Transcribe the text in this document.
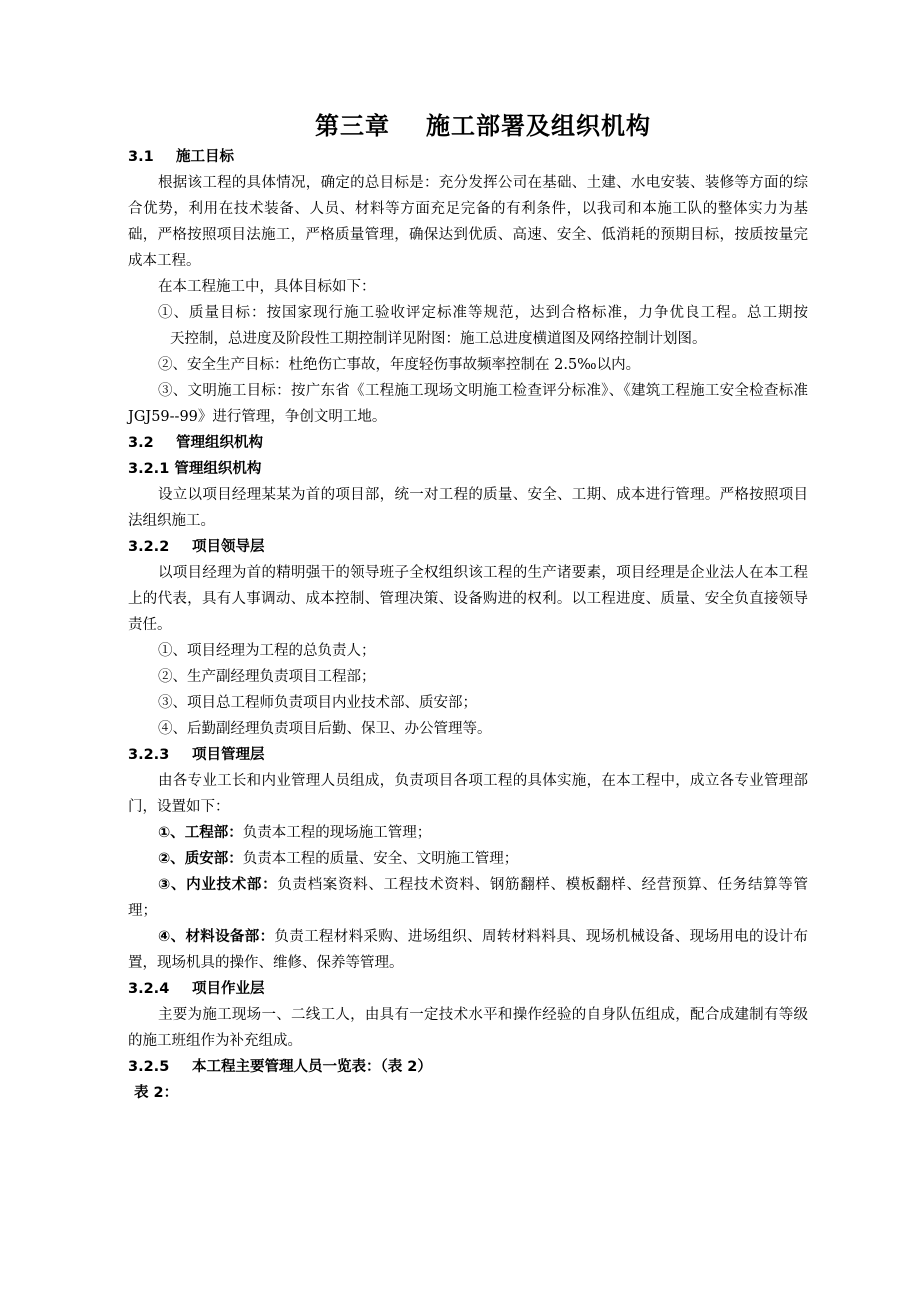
第三章 施工部署及组织机构
3.1 施工目标

根据该工程的具体情况，确定的总目标是：充分发挥公司在基础、土建、水电安装、装修等方面的综合优势，利用在技术装备、人员、材料等方面充足完备的有利条件，以我司和本施工队的整体实力为基础，严格按照项目法施工，严格质量管理，确保达到优质、高速、安全、低消耗的预期目标，按质按量完成本工程。

在本工程施工中，具体目标如下：

①、质量目标：按国家现行施工验收评定标准等规范，达到合格标准，力争优良工程。总工期按天控制，总进度及阶段性工期控制详见附图：施工总进度横道图及网络控制计划图。

②、安全生产目标：杜绝伤亡事故，年度轻伤事故频率控制在 2.5‰以内。

③、文明施工目标：按广东省《工程施工现场文明施工检查评分标准》、《建筑工程施工安全检查标准 JGJ59--99》进行管理，争创文明工地。

3.2 管理组织机构
3.2.1 管理组织机构

设立以项目经理某某为首的项目部，统一对工程的质量、安全、工期、成本进行管理。严格按照项目法组织施工。

3.2.2 项目领导层

以项目经理为首的精明强干的领导班子全权组织该工程的生产诸要素，项目经理是企业法人在本工程上的代表，具有人事调动、成本控制、管理决策、设备购进的权利。以工程进度、质量、安全负直接领导责任。

①、项目经理为工程的总负责人；

②、生产副经理负责项目工程部；

③、项目总工程师负责项目内业技术部、质安部；

④、后勤副经理负责项目后勤、保卫、办公管理等。

3.2.3 项目管理层

由各专业工长和内业管理人员组成，负责项目各项工程的具体实施，在本工程中，成立各专业管理部门，设置如下：

①、工程部：负责本工程的现场施工管理；

②、质安部：负责本工程的质量、安全、文明施工管理；

③、内业技术部：负责档案资料、工程技术资料、钢筋翻样、模板翻样、经营预算、任务结算等管理；

④、材料设备部：负责工程材料采购、进场组织、周转材料料具、现场机械设备、现场用电的设计布置，现场机具的操作、维修、保养等管理。

3.2.4 项目作业层

主要为施工现场一、二线工人，由具有一定技术水平和操作经验的自身队伍组成，配合成建制有等级的施工班组作为补充组成。

3.2.5 本工程主要管理人员一览表：（表 2）
表 2：
